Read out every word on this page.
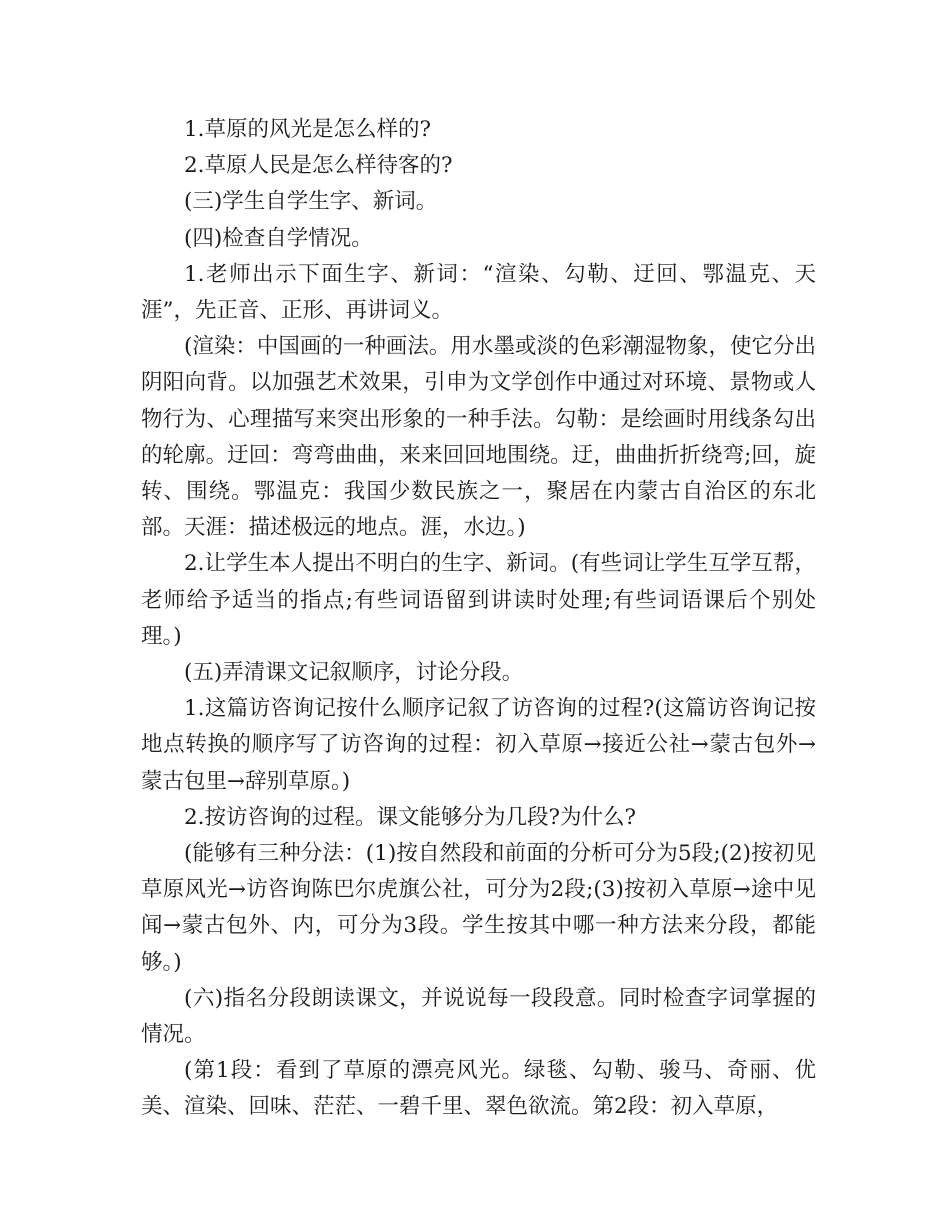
1.草原的风光是怎么样的?

2.草原人民是怎么样待客的?

(三)学生自学生字、新词。

(四)检查自学情况。

1.老师出示下面生字、新词：“渲染、勾勒、迂回、鄂温克、天涯”，先正音、正形、再讲词义。

(渲染：中国画的一种画法。用水墨或淡的色彩潮湿物象，使它分出阴阳向背。以加强艺术效果，引申为文学创作中通过对环境、景物或人物行为、心理描写来突出形象的一种手法。勾勒：是绘画时用线条勾出的轮廓。迂回：弯弯曲曲，来来回回地围绕。迂，曲曲折折绕弯;回，旋转、围绕。鄂温克：我国少数民族之一，聚居在内蒙古自治区的东北部。天涯：描述极远的地点。涯，水边。)

2.让学生本人提出不明白的生字、新词。(有些词让学生互学互帮，老师给予适当的指点;有些词语留到讲读时处理;有些词语课后个别处理。)

(五)弄清课文记叙顺序，讨论分段。

1.这篇访咨询记按什么顺序记叙了访咨询的过程?(这篇访咨询记按地点转换的顺序写了访咨询的过程：初入草原→接近公社→蒙古包外→蒙古包里→辞别草原。)

2.按访咨询的过程。课文能够分为几段?为什么?

(能够有三种分法：(1)按自然段和前面的分析可分为5段;(2)按初见草原风光→访咨询陈巴尔虎旗公社，可分为2段;(3)按初入草原→途中见闻→蒙古包外、内，可分为3段。学生按其中哪一种方法来分段，都能够。)

(六)指名分段朗读课文，并说说每一段段意。同时检查字词掌握的情况。

(第1段：看到了草原的漂亮风光。绿毯、勾勒、骏马、奇丽、优美、渲染、回味、茫茫、一碧千里、翠色欲流。第2段：初入草原，
